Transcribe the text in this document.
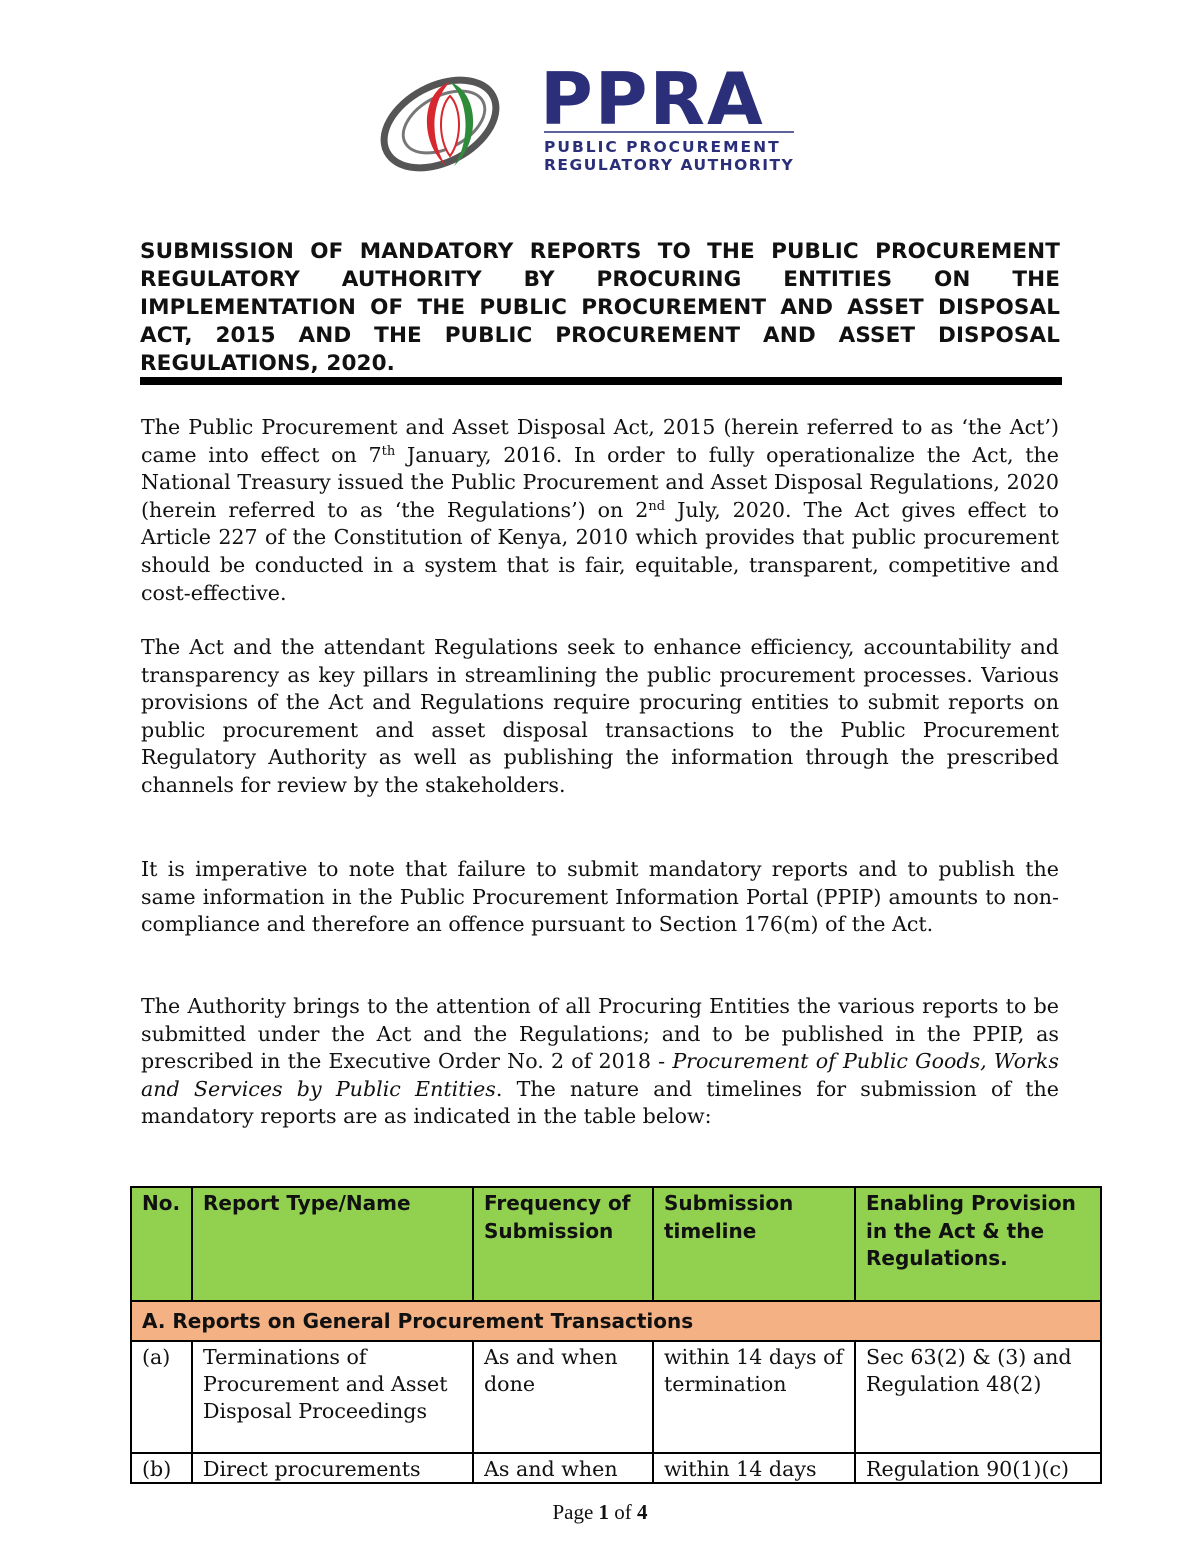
PPRA
PUBLIC PROCUREMENT
REGULATORY AUTHORITY
SUBMISSION OF MANDATORY REPORTS TO THE PUBLIC PROCUREMENT REGULATORY AUTHORITY BY PROCURING ENTITIES ON THE IMPLEMENTATION OF THE PUBLIC PROCUREMENT AND ASSET DISPOSAL ACT, 2015 AND THE PUBLIC PROCUREMENT AND ASSET DISPOSAL REGULATIONS, 2020.

The Public Procurement and Asset Disposal Act, 2015 (herein referred to as ‘the Act’) came into effect on 7th January, 2016. In order to fully operationalize the Act, the National Treasury issued the Public Procurement and Asset Disposal Regulations, 2020 (herein referred to as ‘the Regulations’) on 2nd July, 2020. The Act gives effect to Article 227 of the Constitution of Kenya, 2010 which provides that public procurement should be conducted in a system that is fair, equitable, transparent, competitive and cost-effective.

The Act and the attendant Regulations seek to enhance efficiency, accountability and transparency as key pillars in streamlining the public procurement processes. Various provisions of the Act and Regulations require procuring entities to submit reports on public procurement and asset disposal transactions to the Public Procurement Regulatory Authority as well as publishing the information through the prescribed channels for review by the stakeholders.

It is imperative to note that failure to submit mandatory reports and to publish the same information in the Public Procurement Information Portal (PPIP) amounts to non-compliance and therefore an offence pursuant to Section 176(m) of the Act.

The Authority brings to the attention of all Procuring Entities the various reports to be submitted under the Act and the Regulations; and to be published in the PPIP, as prescribed in the Executive Order No. 2 of 2018 - Procurement of Public Goods, Works and Services by Public Entities. The nature and timelines for submission of the mandatory reports are as indicated in the table below:

No.	Report Type/Name	Frequency of Submission	Submission timeline	Enabling Provision in the Act & the Regulations.
A. Reports on General Procurement Transactions				
(a)	Terminations of Procurement and Asset Disposal Proceedings	As and when done	within 14 days of termination	Sec 63(2) & (3) and Regulation 48(2)

(b)	Direct procurements	As and when	within 14 days	Regulation 90(1)(c)
Page 1 of 4
